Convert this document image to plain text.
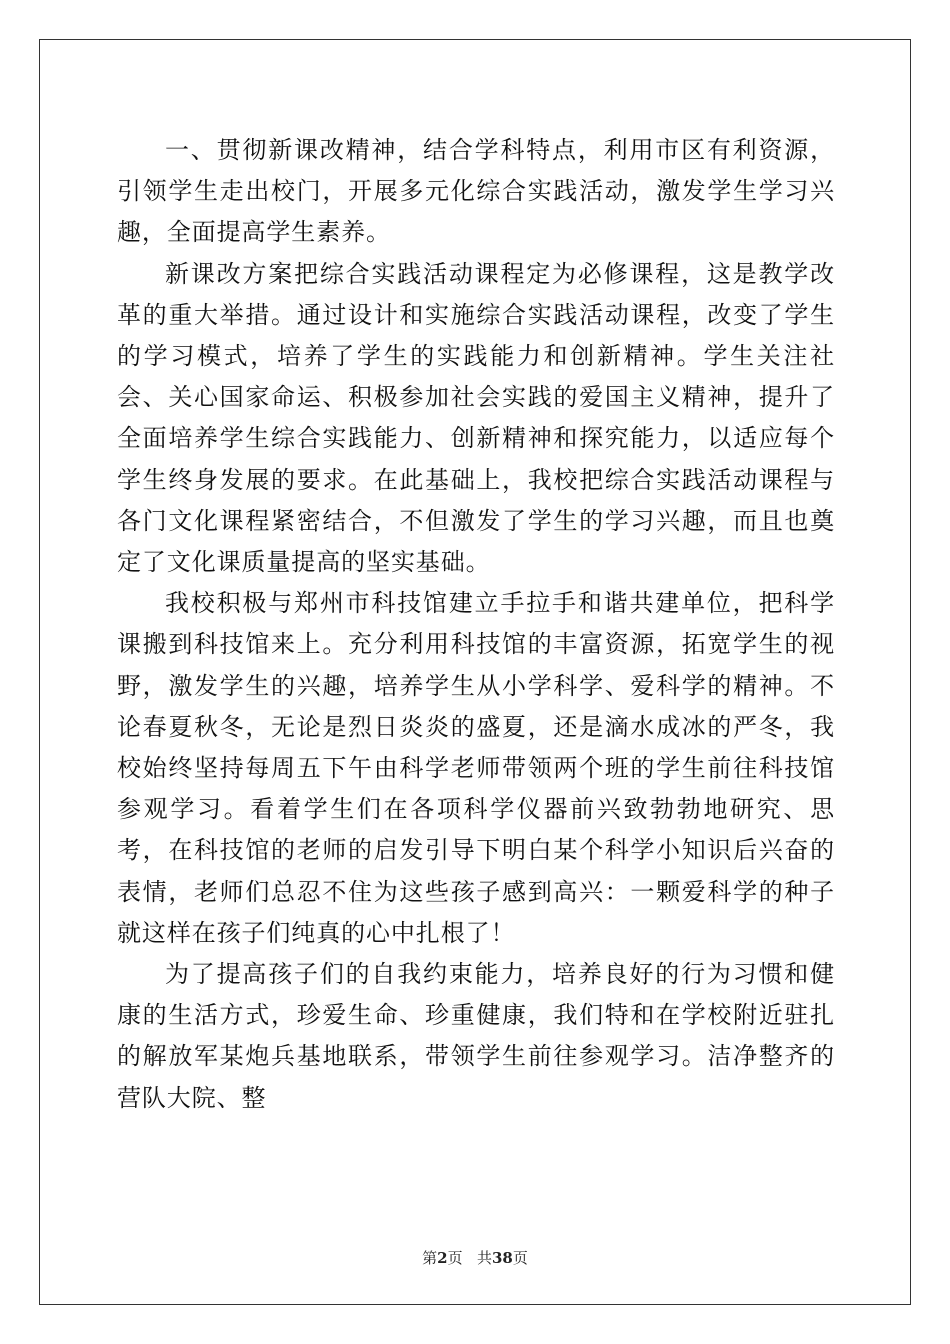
一、贯彻新课改精神，结合学科特点，利用市区有利资源，引领学生走出校门，开展多元化综合实践活动，激发学生学习兴趣，全面提高学生素养。

新课改方案把综合实践活动课程定为必修课程，这是教学改革的重大举措。通过设计和实施综合实践活动课程，改变了学生的学习模式，培养了学生的实践能力和创新精神。学生关注社会、关心国家命运、积极参加社会实践的爱国主义精神，提升了全面培养学生综合实践能力、创新精神和探究能力，以适应每个学生终身发展的要求。在此基础上，我校把综合实践活动课程与各门文化课程紧密结合，不但激发了学生的学习兴趣，而且也奠定了文化课质量提高的坚实基础。

我校积极与郑州市科技馆建立手拉手和谐共建单位，把科学课搬到科技馆来上。充分利用科技馆的丰富资源，拓宽学生的视野，激发学生的兴趣，培养学生从小学科学、爱科学的精神。不论春夏秋冬，无论是烈日炎炎的盛夏，还是滴水成冰的严冬，我校始终坚持每周五下午由科学老师带领两个班的学生前往科技馆参观学习。看着学生们在各项科学仪器前兴致勃勃地研究、思考，在科技馆的老师的启发引导下明白某个科学小知识后兴奋的表情，老师们总忍不住为这些孩子感到高兴：一颗爱科学的种子就这样在孩子们纯真的心中扎根了！

为了提高孩子们的自我约束能力，培养良好的行为习惯和健康的生活方式，珍爱生命、珍重健康，我们特和在学校附近驻扎的解放军某炮兵基地联系，带领学生前往参观学习。洁净整齐的营队大院、整

第2页 共38页
